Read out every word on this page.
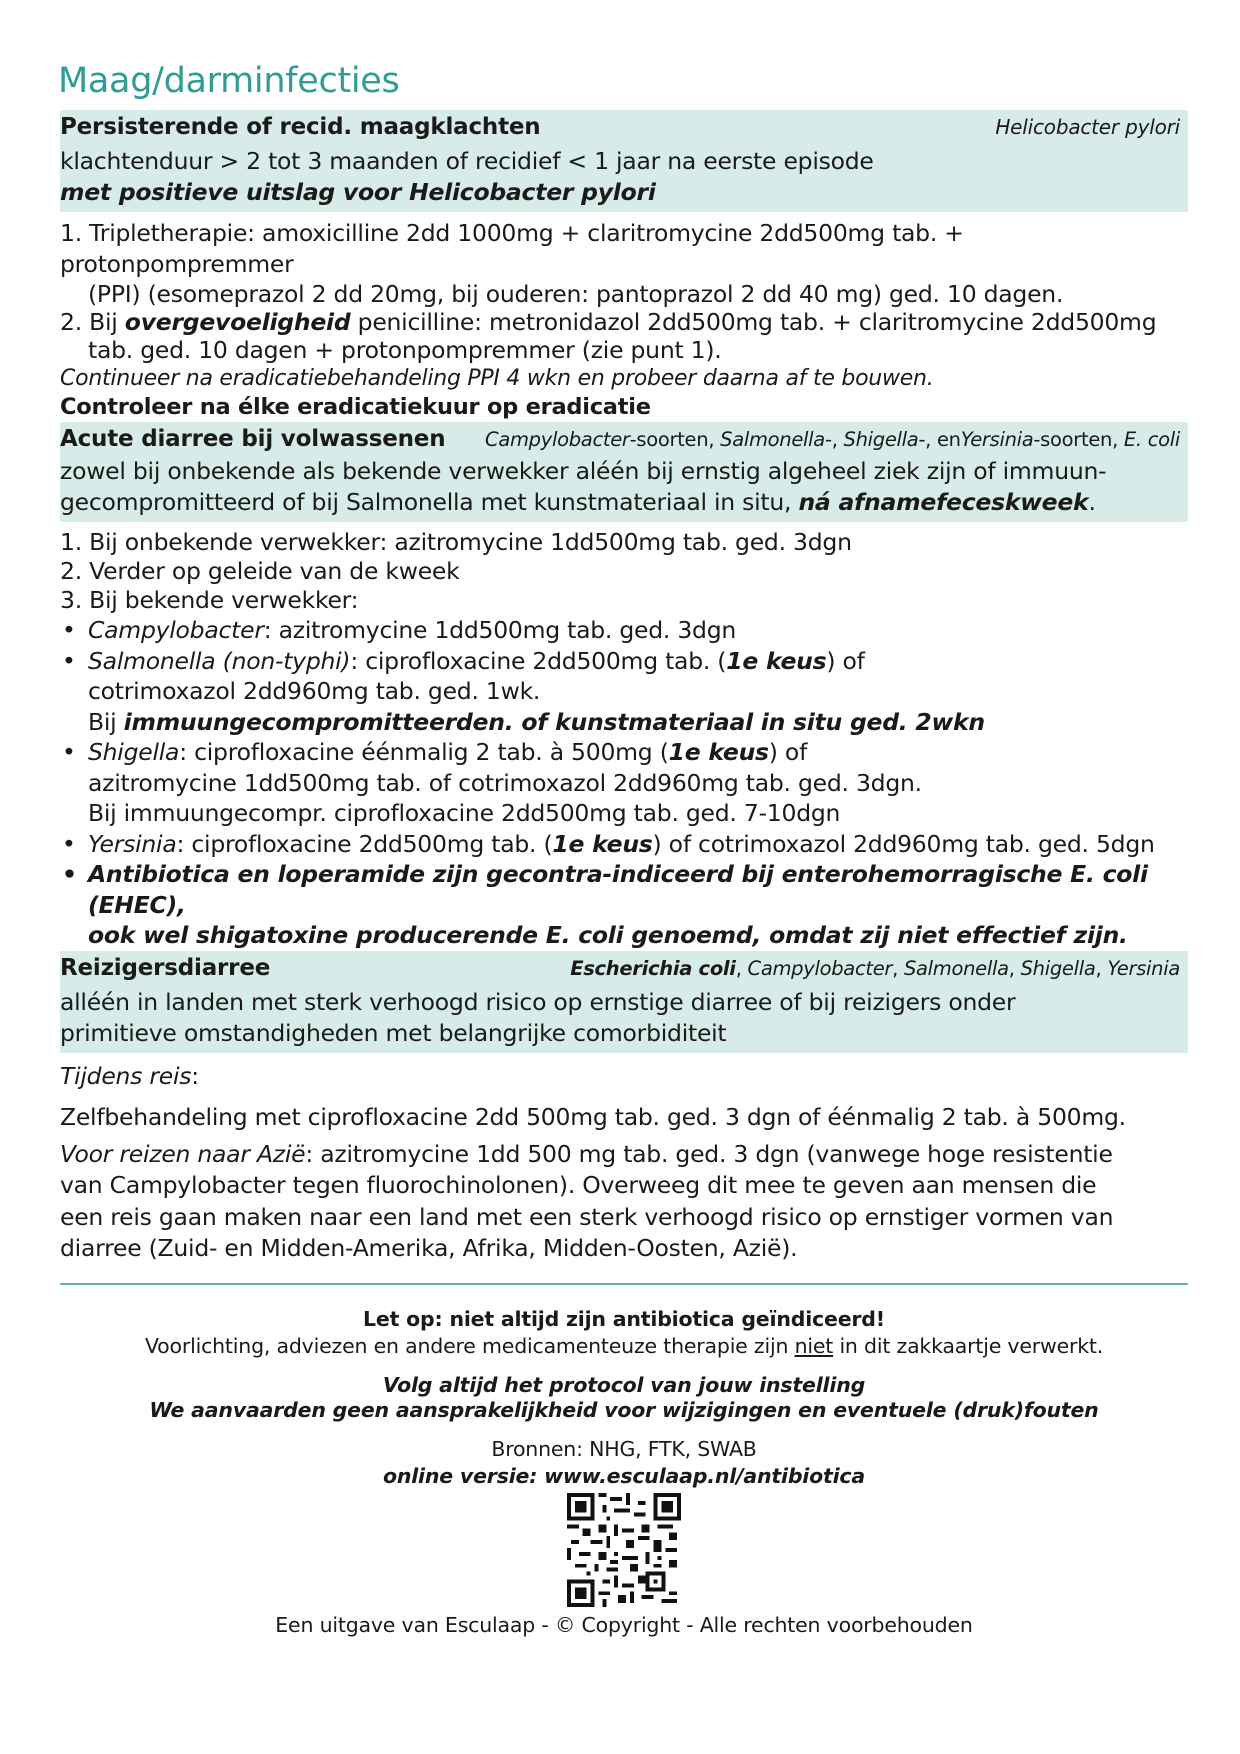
Maag/darminfecties
Persisterende of recid. maagklachten	Helicobacter pylori
klachtenduur > 2 tot 3 maanden of recidief < 1 jaar na eerste episode
met positieve uitslag voor Helicobacter pylori
1. Tripletherapie: amoxicilline 2dd 1000mg + claritromycine 2dd500mg tab. +
protonpompremmer
(PPI) (esomeprazol 2 dd 20mg, bij ouderen: pantoprazol 2 dd 40 mg) ged. 10 dagen.
2. Bij overgevoeligheid penicilline: metronidazol 2dd500mg tab. + claritromycine 2dd500mg
tab. ged. 10 dagen + protonpompremmer (zie punt 1).
Continueer na eradicatiebehandeling PPI 4 wkn en probeer daarna af te bouwen.
Controleer na élke eradicatiekuur op eradicatie
Acute diarree bij volwassenen Campylobacter-soorten, Salmonella-, Shigella-, enYersinia-soorten, E. coli
zowel bij onbekende als bekende verwekker aléén bij ernstig algeheel ziek zijn of immuun-
gecompromitteerd of bij Salmonella met kunstmateriaal in situ, ná afnamefeceskweek.
1. Bij onbekende verwekker: azitromycine 1dd500mg tab. ged. 3dgn
2. Verder op geleide van de kweek
3. Bij bekende verwekker:
• Campylobacter: azitromycine 1dd500mg tab. ged. 3dgn
• Salmonella (non-typhi): ciprofloxacine 2dd500mg tab. (1e keus) of
cotrimoxazol 2dd960mg tab. ged. 1wk.
Bij immuungecompromitteerden. of kunstmateriaal in situ ged. 2wkn
• Shigella: ciprofloxacine éénmalig 2 tab. à 500mg (1e keus) of
azitromycine 1dd500mg tab. of cotrimoxazol 2dd960mg tab. ged. 3dgn.
Bij immuungecompr. ciprofloxacine 2dd500mg tab. ged. 7-10dgn
• Yersinia: ciprofloxacine 2dd500mg tab. (1e keus) of cotrimoxazol 2dd960mg tab. ged. 5dgn
• Antibiotica en loperamide zijn gecontra-indiceerd bij enterohemorragische E. coli (EHEC),
ook wel shigatoxine producerende E. coli genoemd, omdat zij niet effectief zijn.
Reizigersdiarree	Escherichia coli, Campylobacter, Salmonella, Shigella, Yersinia
alléén in landen met sterk verhoogd risico op ernstige diarree of bij reizigers onder
primitieve omstandigheden met belangrijke comorbiditeit
Tijdens reis:
Zelfbehandeling met ciprofloxacine 2dd 500mg tab. ged. 3 dgn of éénmalig 2 tab. à 500mg.
Voor reizen naar Azië: azitromycine 1dd 500 mg tab. ged. 3 dgn (vanwege hoge resistentie
van Campylobacter tegen fluorochinolonen). Overweeg dit mee te geven aan mensen die
een reis gaan maken naar een land met een sterk verhoogd risico op ernstiger vormen van
diarree (Zuid- en Midden-Amerika, Afrika, Midden-Oosten, Azië).
Let op: niet altijd zijn antibiotica geïndiceerd!
Voorlichting, adviezen en andere medicamenteuze therapie zijn niet in dit zakkaartje verwerkt.
Volg altijd het protocol van jouw instelling
We aanvaarden geen aansprakelijkheid voor wijzigingen en eventuele (druk)fouten
Bronnen: NHG, FTK, SWAB
online versie: www.esculaap.nl/antibiotica
Een uitgave van Esculaap - © Copyright - Alle rechten voorbehouden
